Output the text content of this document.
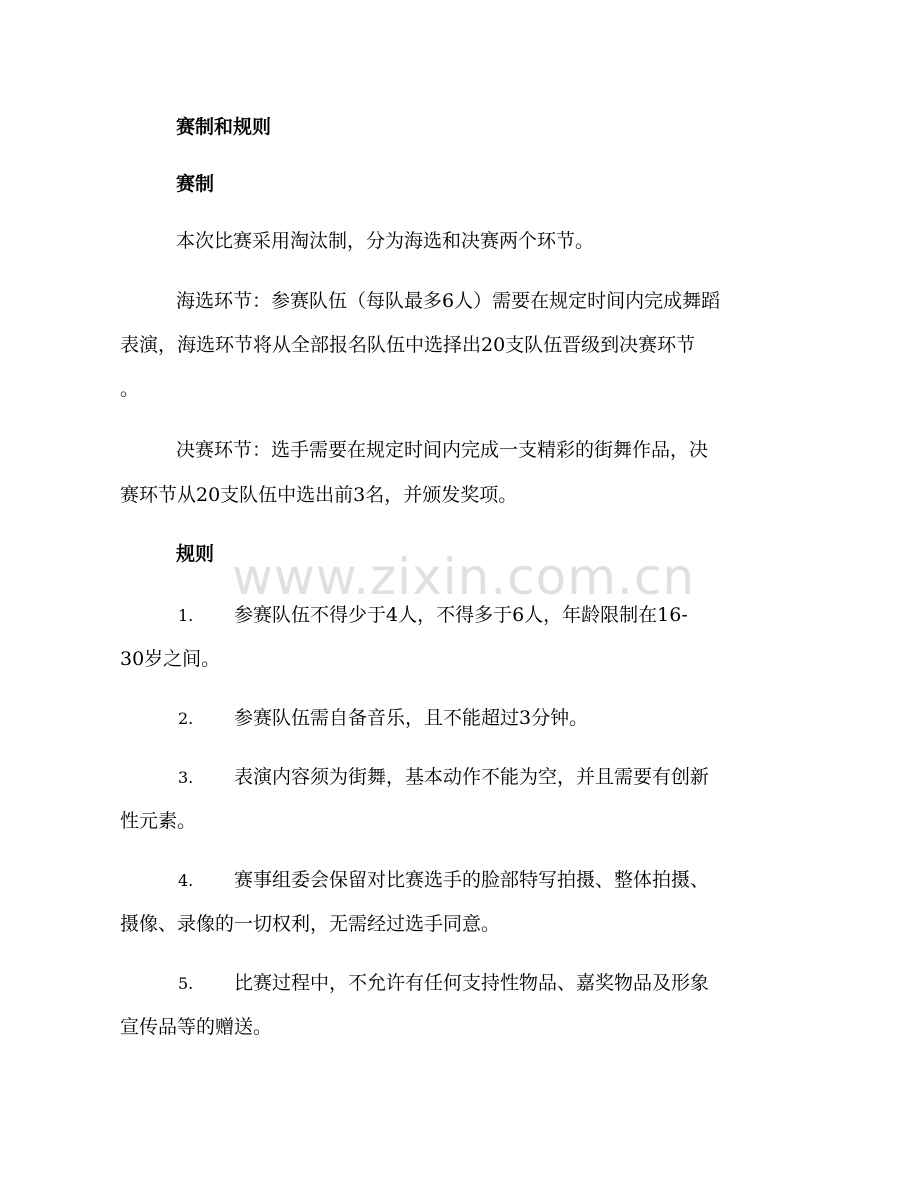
赛制和规则
赛制
本次比赛采用淘汰制，分为海选和决赛两个环节。
海选环节：参赛队伍（每队最多6人）需要在规定时间内完成舞蹈
表演，海选环节将从全部报名队伍中选择出20支队伍晋级到决赛环节
。
决赛环节：选手需要在规定时间内完成一支精彩的街舞作品，决
赛环节从20支队伍中选出前3名，并颁发奖项。
规则
1. 参赛队伍不得少于4人，不得多于6人，年龄限制在16-
30岁之间。
2. 参赛队伍需自备音乐，且不能超过3分钟。
3. 表演内容须为街舞，基本动作不能为空，并且需要有创新
性元素。
4. 赛事组委会保留对比赛选手的脸部特写拍摄、整体拍摄、
摄像、录像的一切权利，无需经过选手同意。
5. 比赛过程中，不允许有任何支持性物品、嘉奖物品及形象
宣传品等的赠送。
www.zixin.com.cn
